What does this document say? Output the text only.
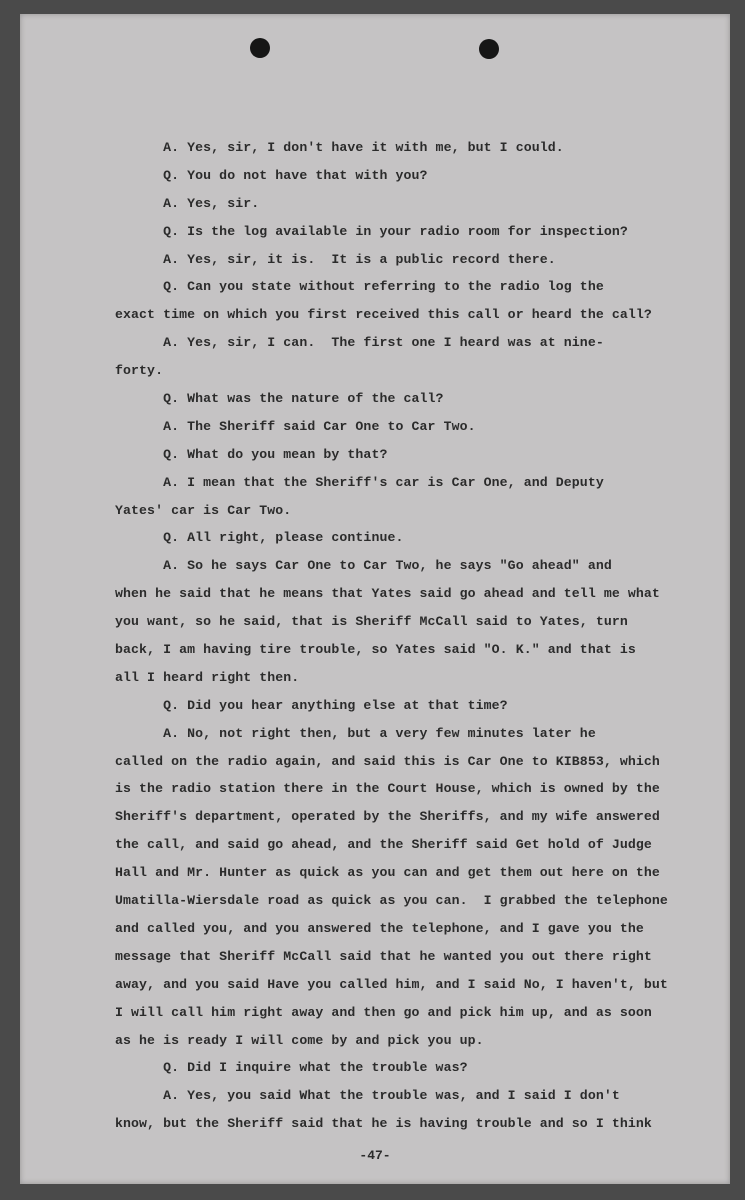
A. Yes, sir, I don't have it with me, but I could.
Q. You do not have that with you?
A. Yes, sir.
Q. Is the log available in your radio room for inspection?
A. Yes, sir, it is.  It is a public record there.
Q. Can you state without referring to the radio log the
exact time on which you first received this call or heard the call?
A. Yes, sir, I can.  The first one I heard was at nine-
forty.
Q. What was the nature of the call?
A. The Sheriff said Car One to Car Two.
Q. What do you mean by that?
A. I mean that the Sheriff's car is Car One, and Deputy
Yates' car is Car Two.
Q. All right, please continue.
A. So he says Car One to Car Two, he says "Go ahead" and
when he said that he means that Yates said go ahead and tell me what
you want, so he said, that is Sheriff McCall said to Yates, turn
back, I am having tire trouble, so Yates said "O. K." and that is
all I heard right then.
Q. Did you hear anything else at that time?
A. No, not right then, but a very few minutes later he
called on the radio again, and said this is Car One to KIB853, which
is the radio station there in the Court House, which is owned by the
Sheriff's department, operated by the Sheriffs, and my wife answered
the call, and said go ahead, and the Sheriff said Get hold of Judge
Hall and Mr. Hunter as quick as you can and get them out here on the
Umatilla-Wiersdale road as quick as you can.  I grabbed the telephone
and called you, and you answered the telephone, and I gave you the
message that Sheriff McCall said that he wanted you out there right
away, and you said Have you called him, and I said No, I haven't, but
I will call him right away and then go and pick him up, and as soon
as he is ready I will come by and pick you up.
Q. Did I inquire what the trouble was?
A. Yes, you said What the trouble was, and I said I don't
know, but the Sheriff said that he is having trouble and so I think
-47-
